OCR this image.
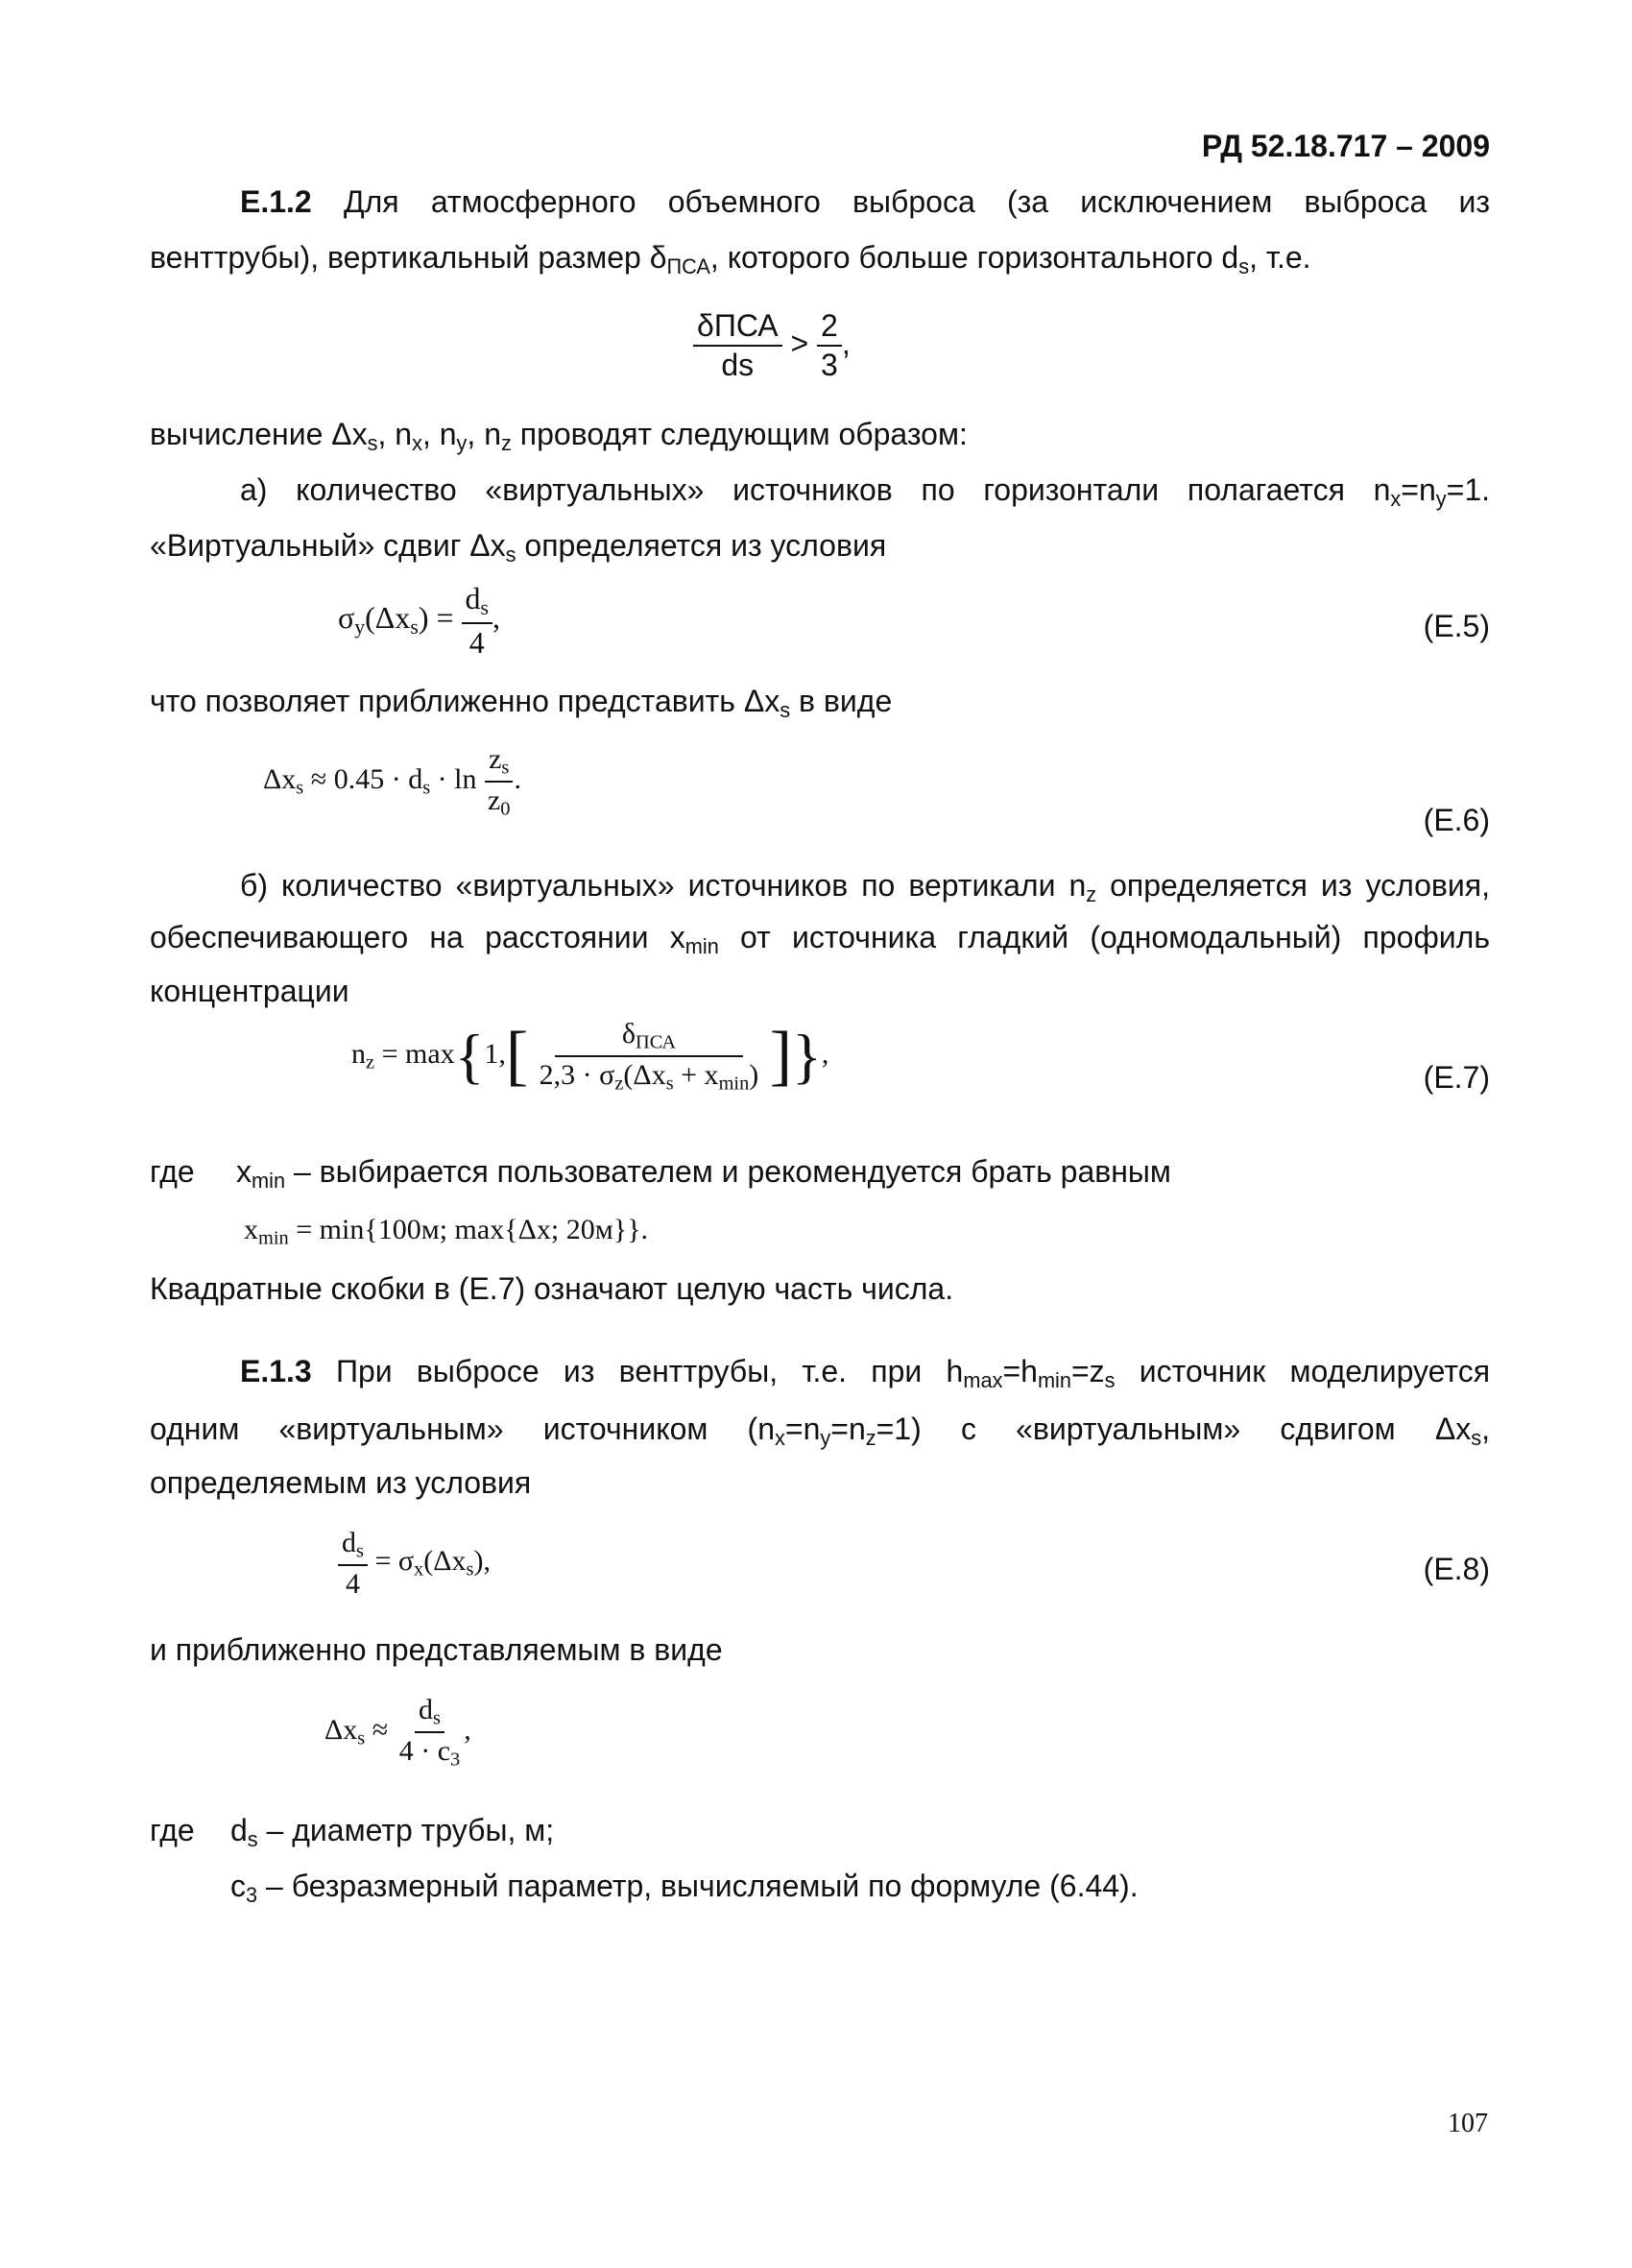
РД 52.18.717 – 2009
Е.1.2 Для атмосферного объемного выброса (за исключением выброса из
венттрубы), вертикальный размер $\delta_{ПСА}$, которого больше горизонтального $d_s$, т.е.
$\frac{\text{δПСА}}{ds} > \frac{2}{3}$ ,
вычисление $\Delta x_s$, $n_x$, $n_y$, $n_z$ проводят следующим образом:
а) количество «виртуальных» источников по горизонтали полагается $n_x=n_y=1$.
«Виртуальный» сдвиг $\Delta x_s$ определяется из условия
$\sigma_y(\Delta x_s) = \frac{d_s}{4}$ ,	(Е.5)
что позволяет приближенно представить $\Delta x_s$ в виде
$\Delta x_s \approx 0.45 \cdot d_s \cdot \ln \frac{z_s}{z_0}$ .
(Е.6)
б) количество «виртуальных» источников по вертикали $n_z$ определяется из условия,
обеспечивающего на расстоянии $x_{min}$ от источника гладкий (одномодальный) профиль
концентрации
$n_z = \max\{1,[ \frac{\delta_{ПСА}}{2,3 \cdot \sigma_z(\Delta x_s + x_{min})}$ ]},
(Е.7)
где $x_{min}$ – выбирается пользователем и рекомендуется брать равным
$x_{min} = \min\{100м$; max{Δx; 20м}}.
Квадратные скобки в (Е.7) означают целую часть числа.
Е.1.3 При выбросе из венттрубы, т.е. при $h_{max}=h_{min}=z_s$ источник моделируется
одним «виртуальным» источником $(n_x=n_y=n_z=1)$ с «виртуальным» сдвигом $\Delta x_s$,
определяемым из условия
$\frac{d_s}{4} = \sigma_x(\Delta x_s)$,	(Е.8)
и приближенно представляемым в виде
$\Delta x_s \approx \frac{d_s}{4 \cdot c_3}$ ,
где $d_s$ – диаметр трубы, м;
$c_3$ – безразмерный параметр, вычисляемый по формуле (6.44).
107
